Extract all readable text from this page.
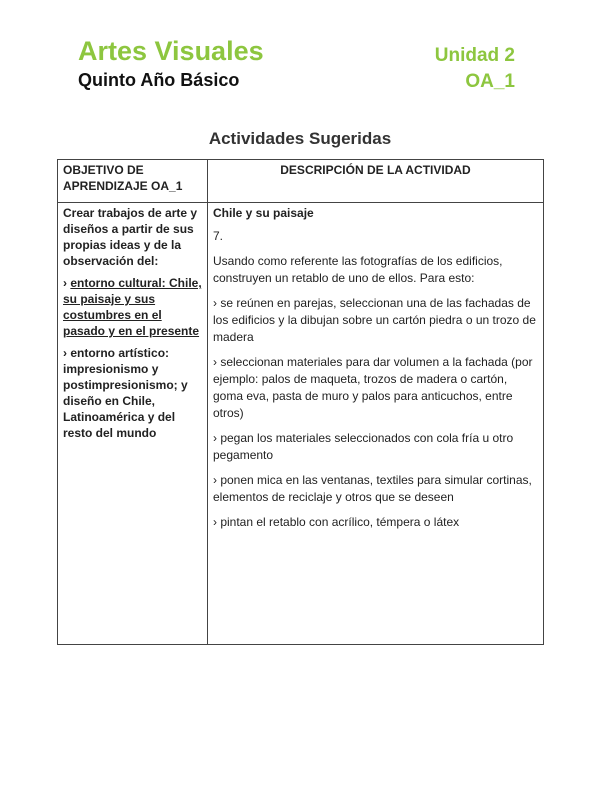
Artes Visuales
Quinto Año Básico
Unidad 2
OA_1
Actividades Sugeridas
OBJETIVO DE APRENDIZAJE OA_1
DESCRIPCIÓN DE LA ACTIVIDAD

Crear trabajos de arte y diseños a partir de sus propias ideas y de la observación del:

› entorno cultural: Chile, su paisaje y sus costumbres en el pasado y en el presente

› entorno artístico: impresionismo y postimpresionismo; y diseño en Chile, Latinoamérica y del resto del mundo

Chile y su paisaje

7.

Usando como referente las fotografías de los edificios, construyen un retablo de uno de ellos. Para esto:

› se reúnen en parejas, seleccionan una de las fachadas de los edificios y la dibujan sobre un cartón piedra o un trozo de madera

› seleccionan materiales para dar volumen a la fachada (por ejemplo: palos de maqueta, trozos de madera o cartón, goma eva, pasta de muro y palos para anticuchos, entre otros)

› pegan los materiales seleccionados con cola fría u otro pegamento

› ponen mica en las ventanas, textiles para simular cortinas, elementos de reciclaje y otros que se deseen

› pintan el retablo con acrílico, témpera o látex
